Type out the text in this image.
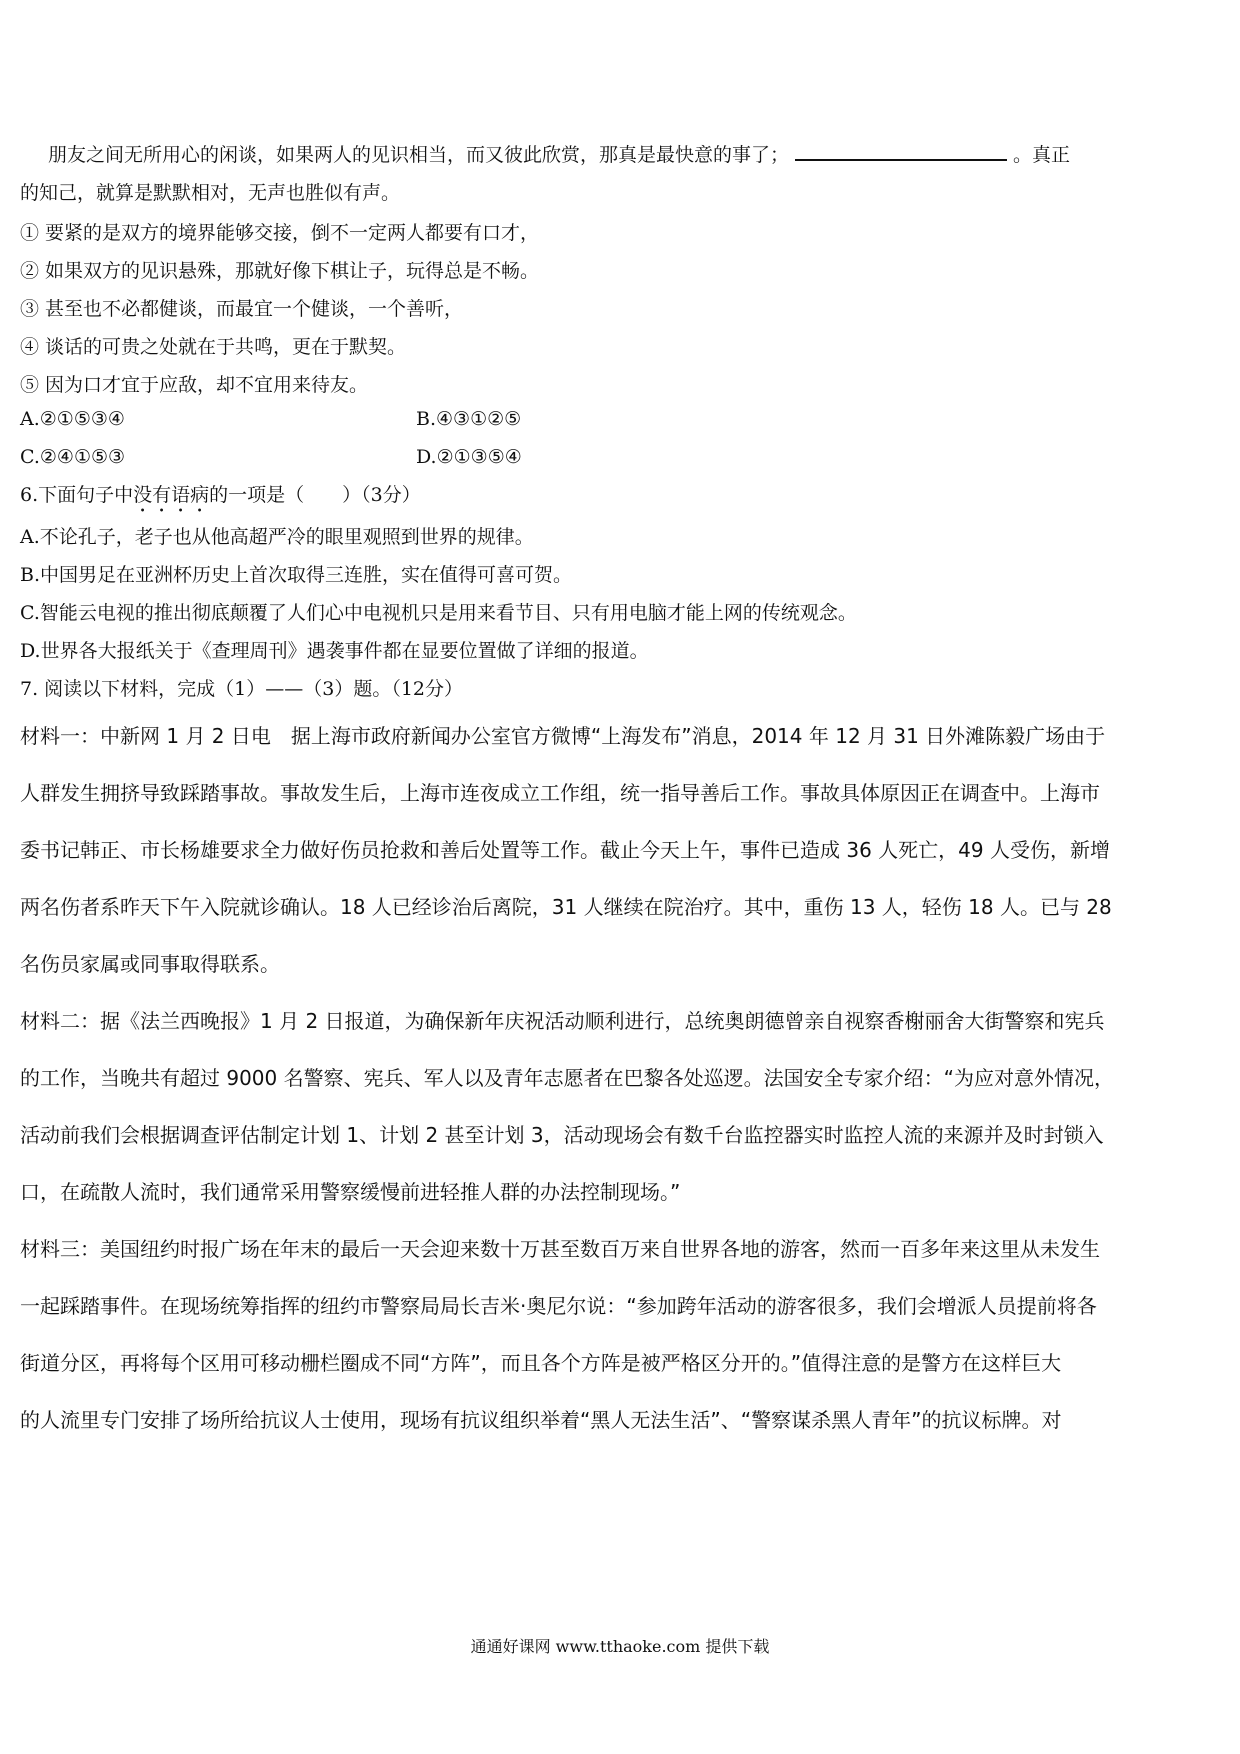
朋友之间无所用心的闲谈，如果两人的见识相当，而又彼此欣赏，那真是最快意的事了；	。真正
的知己，就算是默默相对，无声也胜似有声。
① 要紧的是双方的境界能够交接，倒不一定两人都要有口才，
② 如果双方的见识悬殊，那就好像下棋让子，玩得总是不畅。
③ 甚至也不必都健谈，而最宜一个健谈，一个善听，
④ 谈话的可贵之处就在于共鸣，更在于默契。
⑤ 因为口才宜于应敌，却不宜用来待友。
A.②①⑤③④	B.④③①②⑤
C.②④①⑤③	D.②①③⑤④
6.下面句子中没有语病的一项是（　　）（3分）
A.不论孔子，老子也从他高超严冷的眼里观照到世界的规律。
B.中国男足在亚洲杯历史上首次取得三连胜，实在值得可喜可贺。
C.智能云电视的推出彻底颠覆了人们心中电视机只是用来看节目、只有用电脑才能上网的传统观念。
D.世界各大报纸关于《查理周刊》遇袭事件都在显要位置做了详细的报道。
7. 阅读以下材料，完成（1）——（3）题。（12分）
材料一：中新网 1 月 2 日电　据上海市政府新闻办公室官方微博“上海发布”消息，2014 年 12 月 31 日外滩陈毅广场由于
人群发生拥挤导致踩踏事故。事故发生后，上海市连夜成立工作组，统一指导善后工作。事故具体原因正在调查中。上海市
委书记韩正、市长杨雄要求全力做好伤员抢救和善后处置等工作。截止今天上午，事件已造成 36 人死亡，49 人受伤，新增
两名伤者系昨天下午入院就诊确认。18 人已经诊治后离院，31 人继续在院治疗。其中，重伤 13 人，轻伤 18 人。已与 28
名伤员家属或同事取得联系。
材料二：据《法兰西晚报》1 月 2 日报道，为确保新年庆祝活动顺利进行，总统奥朗德曾亲自视察香榭丽舍大街警察和宪兵
的工作，当晚共有超过 9000 名警察、宪兵、军人以及青年志愿者在巴黎各处巡逻。法国安全专家介绍：“为应对意外情况，
活动前我们会根据调查评估制定计划 1、计划 2 甚至计划 3，活动现场会有数千台监控器实时监控人流的来源并及时封锁入
口，在疏散人流时，我们通常采用警察缓慢前进轻推人群的办法控制现场。”
材料三：美国纽约时报广场在年末的最后一天会迎来数十万甚至数百万来自世界各地的游客，然而一百多年来这里从未发生
一起踩踏事件。在现场统筹指挥的纽约市警察局局长吉米·奥尼尔说：“参加跨年活动的游客很多，我们会增派人员提前将各
街道分区，再将每个区用可移动栅栏圈成不同“方阵”，而且各个方阵是被严格区分开的。”值得注意的是警方在这样巨大
的人流里专门安排了场所给抗议人士使用，现场有抗议组织举着“黑人无法生活”、“警察谋杀黑人青年”的抗议标牌。对
通通好课网 www.tthaoke.com 提供下载
